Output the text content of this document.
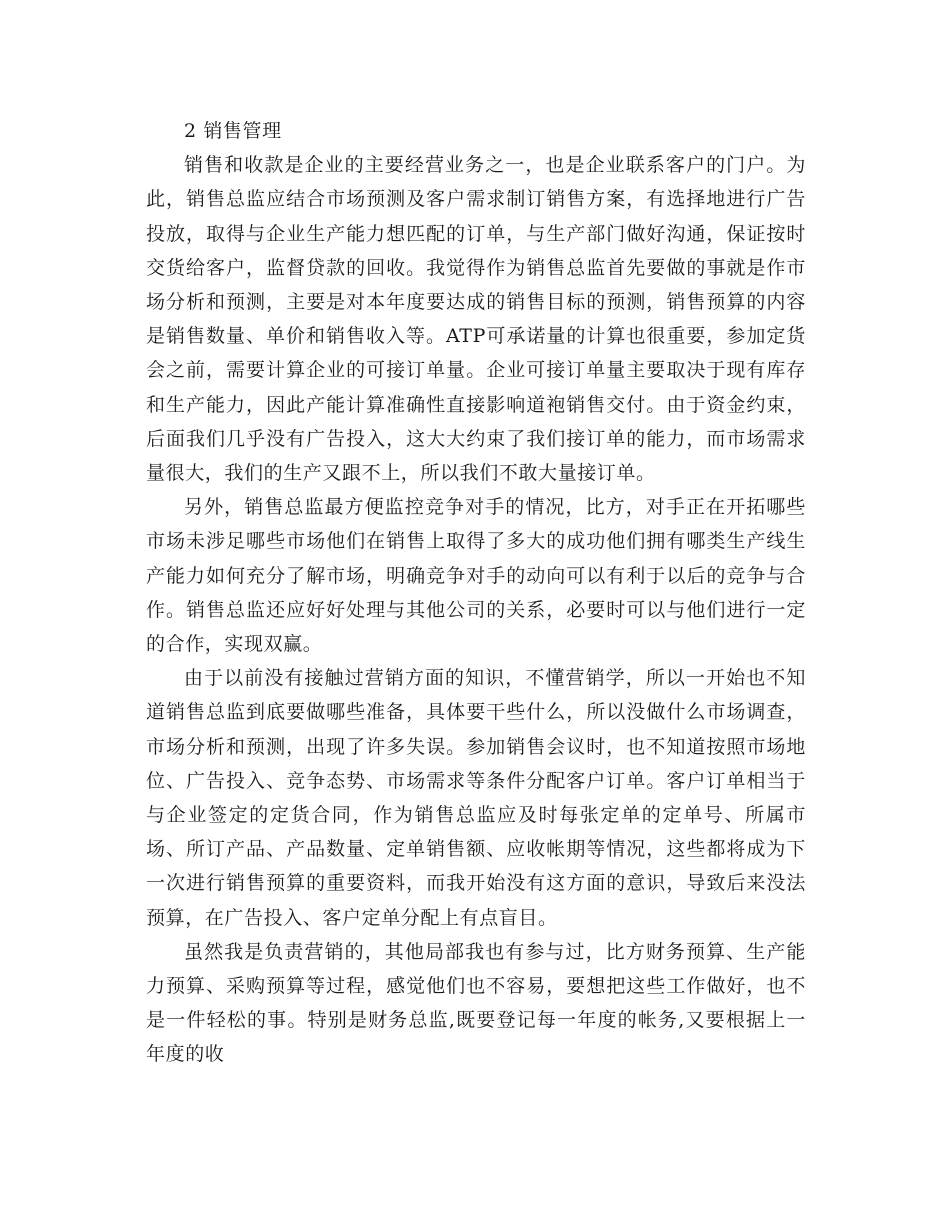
2 销售管理

销售和收款是企业的主要经营业务之一，也是企业联系客户的门户。为此，销售总监应结合市场预测及客户需求制订销售方案，有选择地进行广告投放，取得与企业生产能力想匹配的订单，与生产部门做好沟通，保证按时交货给客户，监督贷款的回收。我觉得作为销售总监首先要做的事就是作市场分析和预测，主要是对本年度要达成的销售目标的预测，销售预算的内容是销售数量、单价和销售收入等。ATP可承诺量的计算也很重要，参加定货会之前，需要计算企业的可接订单量。企业可接订单量主要取决于现有库存和生产能力，因此产能计算准确性直接影响道袍销售交付。由于资金约束，后面我们几乎没有广告投入，这大大约束了我们接订单的能力，而市场需求量很大，我们的生产又跟不上，所以我们不敢大量接订单。

另外，销售总监最方便监控竞争对手的情况，比方，对手正在开拓哪些市场未涉足哪些市场他们在销售上取得了多大的成功他们拥有哪类生产线生产能力如何充分了解市场，明确竞争对手的动向可以有利于以后的竞争与合作。销售总监还应好好处理与其他公司的关系，必要时可以与他们进行一定的合作，实现双赢。

由于以前没有接触过营销方面的知识，不懂营销学，所以一开始也不知道销售总监到底要做哪些准备，具体要干些什么，所以没做什么市场调查，市场分析和预测，出现了许多失误。参加销售会议时，也不知道按照市场地位、广告投入、竞争态势、市场需求等条件分配客户订单。客户订单相当于与企业签定的定货合同，作为销售总监应及时每张定单的定单号、所属市场、所订产品、产品数量、定单销售额、应收帐期等情况，这些都将成为下一次进行销售预算的重要资料，而我开始没有这方面的意识，导致后来没法预算，在广告投入、客户定单分配上有点盲目。

虽然我是负责营销的，其他局部我也有参与过，比方财务预算、生产能力预算、采购预算等过程，感觉他们也不容易，要想把这些工作做好，也不是一件轻松的事。特别是财务总监,既要登记每一年度的帐务,又要根据上一年度的收
